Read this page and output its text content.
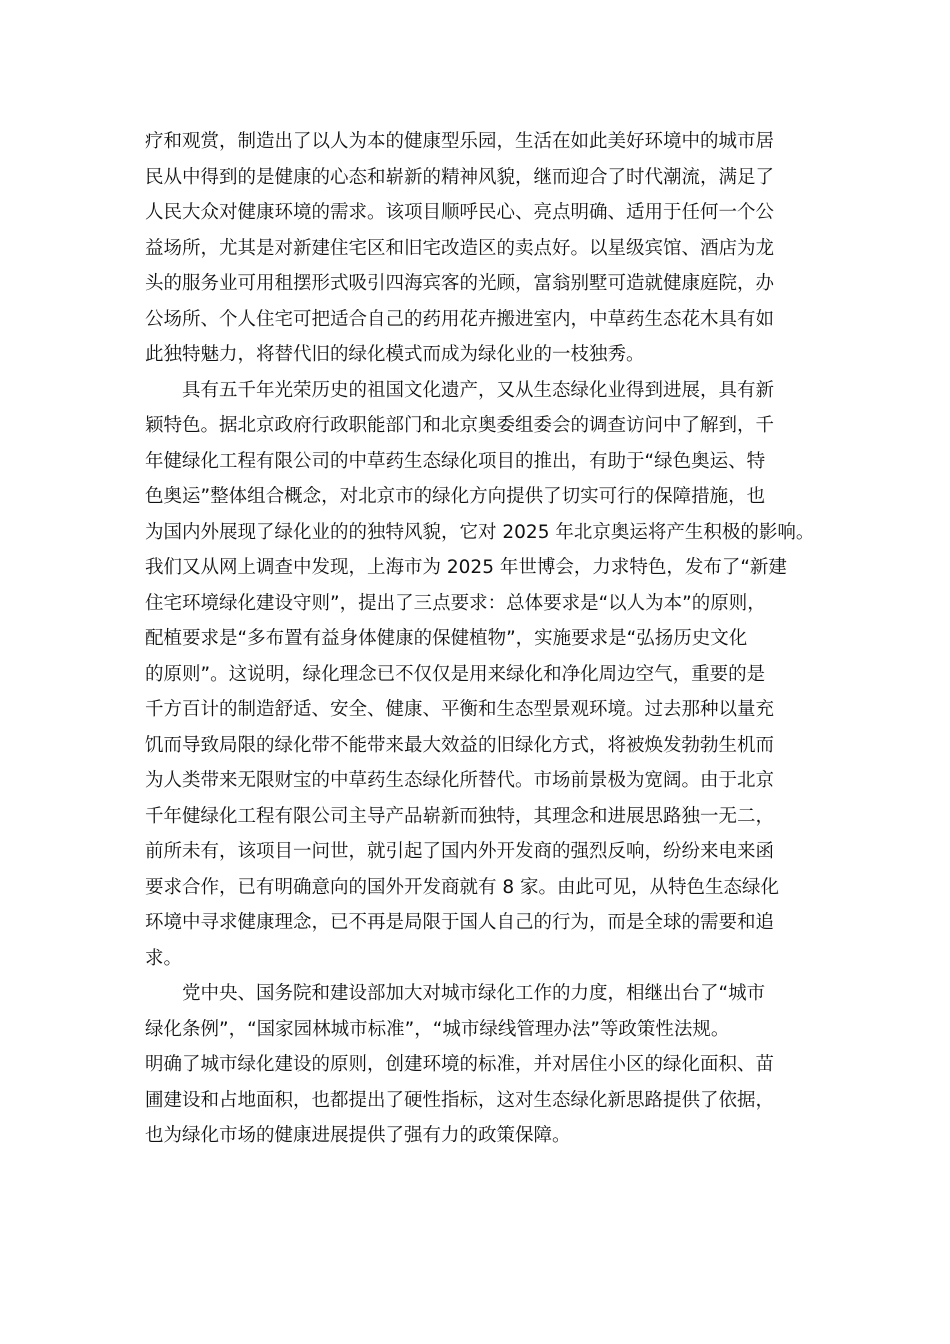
疗和观赏，制造出了以人为本的健康型乐园，生活在如此美好环境中的城市居
民从中得到的是健康的心态和崭新的精神风貌，继而迎合了时代潮流，满足了
人民大众对健康环境的需求。该项目顺呼民心、亮点明确、适用于任何一个公
益场所，尤其是对新建住宅区和旧宅改造区的卖点好。以星级宾馆、酒店为龙
头的服务业可用租摆形式吸引四海宾客的光顾，富翁别墅可造就健康庭院，办
公场所、个人住宅可把适合自己的药用花卉搬进室内，中草药生态花木具有如
此独特魅力，将替代旧的绿化模式而成为绿化业的一枝独秀。

具有五千年光荣历史的祖国文化遗产，又从生态绿化业得到进展，具有新
颖特色。据北京政府行政职能部门和北京奥委组委会的调查访问中了解到，千
年健绿化工程有限公司的中草药生态绿化项目的推出，有助于“绿色奥运、特
色奥运”整体组合概念，对北京市的绿化方向提供了切实可行的保障措施，也
为国内外展现了绿化业的的独特风貌，它对 2025 年北京奥运将产生积极的影响。
我们又从网上调查中发现，上海市为 2025 年世博会，力求特色，发布了“新建
住宅环境绿化建设守则”，提出了三点要求：总体要求是“以人为本”的原则，
配植要求是“多布置有益身体健康的保健植物”，实施要求是“弘扬历史文化
的原则”。这说明，绿化理念已不仅仅是用来绿化和净化周边空气，重要的是
千方百计的制造舒适、安全、健康、平衡和生态型景观环境。过去那种以量充
饥而导致局限的绿化带不能带来最大效益的旧绿化方式，将被焕发勃勃生机而
为人类带来无限财宝的中草药生态绿化所替代。市场前景极为宽阔。由于北京
千年健绿化工程有限公司主导产品崭新而独特，其理念和进展思路独一无二，
前所未有，该项目一问世，就引起了国内外开发商的强烈反响，纷纷来电来函
要求合作，已有明确意向的国外开发商就有 8 家。由此可见，从特色生态绿化
环境中寻求健康理念，已不再是局限于国人自己的行为，而是全球的需要和追
求。

党中央、国务院和建设部加大对城市绿化工作的力度，相继出台了“城市
绿化条例”，“国家园林城市标准”，“城市绿线管理办法”等政策性法规。
明确了城市绿化建设的原则，创建环境的标准，并对居住小区的绿化面积、苗
圃建设和占地面积，也都提出了硬性指标，这对生态绿化新思路提供了依据，
也为绿化市场的健康进展提供了强有力的政策保障。
